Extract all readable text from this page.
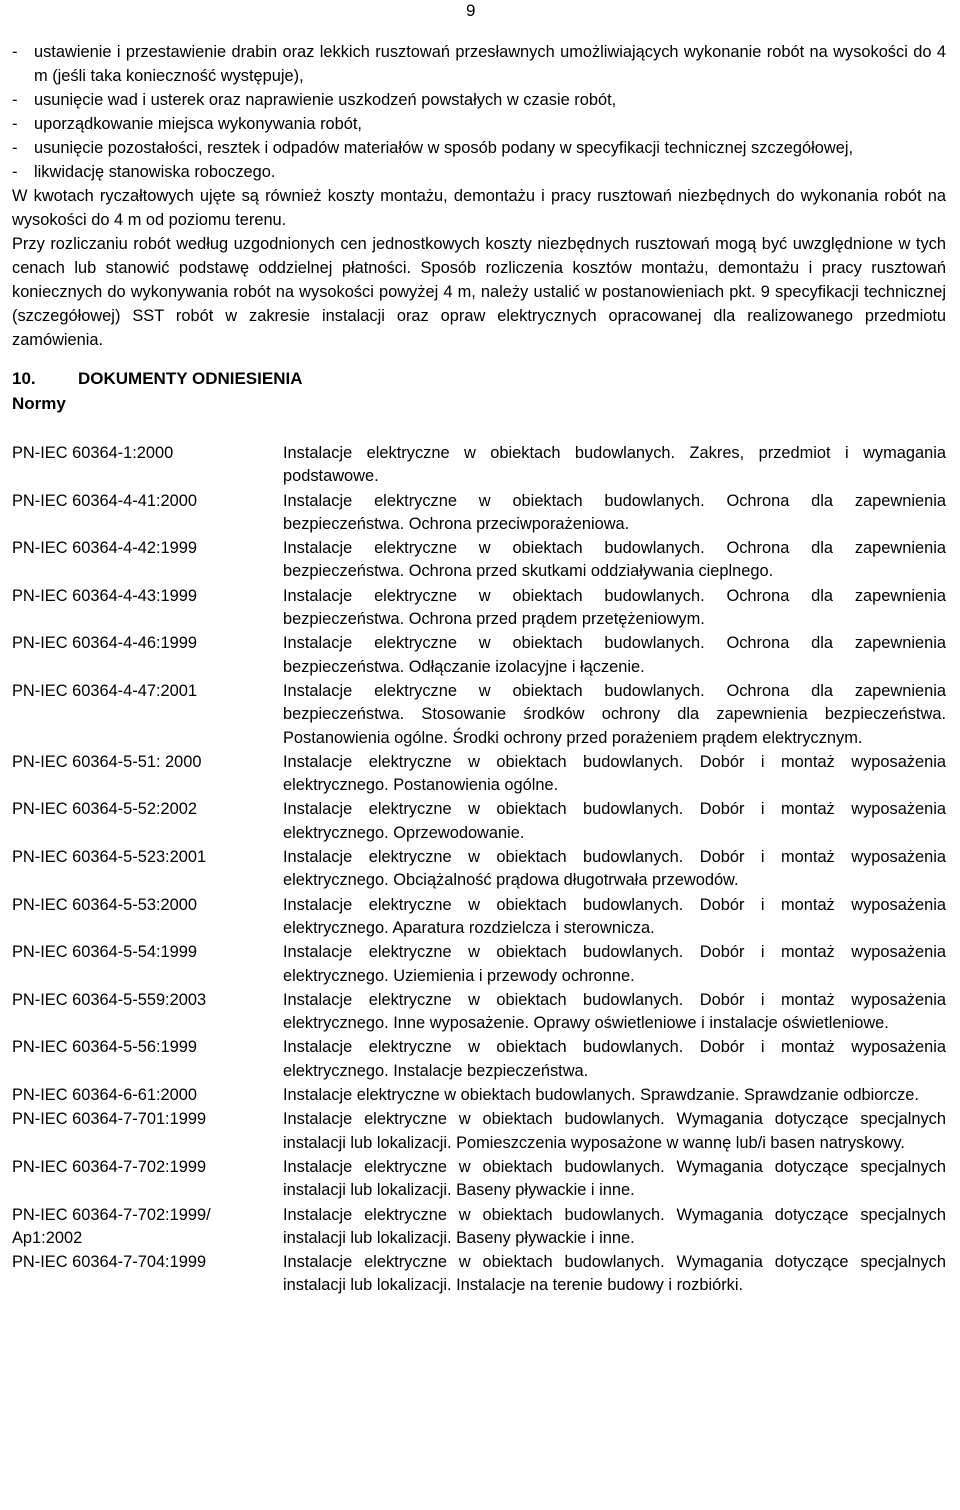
9
-	ustawienie i przestawienie drabin oraz lekkich rusztowań przesławnych umożliwiających wykonanie robót na wysokości do 4 m (jeśli taka konieczność występuje),
-	usunięcie wad i usterek oraz naprawienie uszkodzeń powstałych w czasie robót,
-	uporządkowanie miejsca wykonywania robót,
-	usunięcie pozostałości, resztek i odpadów materiałów w sposób podany w specyfikacji technicznej szczegółowej,
-	likwidację stanowiska roboczego.

W kwotach ryczałtowych ujęte są również koszty montażu, demontażu i pracy rusztowań niezbędnych do wykonania robót na wysokości do 4 m od poziomu terenu.

Przy rozliczaniu robót według uzgodnionych cen jednostkowych koszty niezbędnych rusztowań mogą być uwzględnione w tych cenach lub stanowić podstawę oddzielnej płatności. Sposób rozliczenia kosztów montażu, demontażu i pracy rusztowań koniecznych do wykonywania robót na wysokości powyżej 4 m, należy ustalić w postanowieniach pkt. 9 specyfikacji technicznej (szczegółowej) SST robót w zakresie instalacji oraz opraw elektrycznych opracowanej dla realizowanego przedmiotu zamówienia.

10. DOKUMENTY ODNIESIENIA
Normy
PN-IEC 60364-1:2000	Instalacje elektryczne w obiektach budowlanych. Zakres, przedmiot i wymagania podstawowe.
PN-IEC 60364-4-41:2000	Instalacje elektryczne w obiektach budowlanych. Ochrona dla zapewnienia bezpieczeństwa. Ochrona przeciwporażeniowa.
PN-IEC 60364-4-42:1999	Instalacje elektryczne w obiektach budowlanych. Ochrona dla zapewnienia bezpieczeństwa. Ochrona przed skutkami oddziaływania cieplnego.
PN-IEC 60364-4-43:1999	Instalacje elektryczne w obiektach budowlanych. Ochrona dla zapewnienia bezpieczeństwa. Ochrona przed prądem przetężeniowym.
PN-IEC 60364-4-46:1999	Instalacje elektryczne w obiektach budowlanych. Ochrona dla zapewnienia bezpieczeństwa. Odłączanie izolacyjne i łączenie.
PN-IEC 60364-4-47:2001	Instalacje elektryczne w obiektach budowlanych. Ochrona dla zapewnienia bezpieczeństwa. Stosowanie środków ochrony dla zapewnienia bezpieczeństwa. Postanowienia ogólne. Środki ochrony przed porażeniem prądem elektrycznym.
PN-IEC 60364-5-51: 2000	Instalacje elektryczne w obiektach budowlanych. Dobór i montaż wyposażenia elektrycznego. Postanowienia ogólne.
PN-IEC 60364-5-52:2002	Instalacje elektryczne w obiektach budowlanych. Dobór i montaż wyposażenia elektrycznego. Oprzewodowanie.
PN-IEC 60364-5-523:2001	Instalacje elektryczne w obiektach budowlanych. Dobór i montaż wyposażenia elektrycznego. Obciążalność prądowa długotrwała przewodów.
PN-IEC 60364-5-53:2000	Instalacje elektryczne w obiektach budowlanych. Dobór i montaż wyposażenia elektrycznego. Aparatura rozdzielcza i sterownicza.
PN-IEC 60364-5-54:1999	Instalacje elektryczne w obiektach budowlanych. Dobór i montaż wyposażenia elektrycznego. Uziemienia i przewody ochronne.
PN-IEC 60364-5-559:2003	Instalacje elektryczne w obiektach budowlanych. Dobór i montaż wyposażenia elektrycznego. Inne wyposażenie. Oprawy oświetleniowe i instalacje oświetleniowe.
PN-IEC 60364-5-56:1999	Instalacje elektryczne w obiektach budowlanych. Dobór i montaż wyposażenia elektrycznego. Instalacje bezpieczeństwa.
PN-IEC 60364-6-61:2000	Instalacje elektryczne w obiektach budowlanych. Sprawdzanie. Sprawdzanie odbiorcze.
PN-IEC 60364-7-701:1999	Instalacje elektryczne w obiektach budowlanych. Wymagania dotyczące specjalnych instalacji lub lokalizacji. Pomieszczenia wyposażone w wannę lub/i basen natryskowy.
PN-IEC 60364-7-702:1999	Instalacje elektryczne w obiektach budowlanych. Wymagania dotyczące specjalnych instalacji lub lokalizacji. Baseny pływackie i inne.
PN-IEC 60364-7-702:1999/ Ap1:2002	Instalacje elektryczne w obiektach budowlanych. Wymagania dotyczące specjalnych instalacji lub lokalizacji. Baseny pływackie i inne.
PN-IEC 60364-7-704:1999	Instalacje elektryczne w obiektach budowlanych. Wymagania dotyczące specjalnych instalacji lub lokalizacji. Instalacje na terenie budowy i rozbiórki.
